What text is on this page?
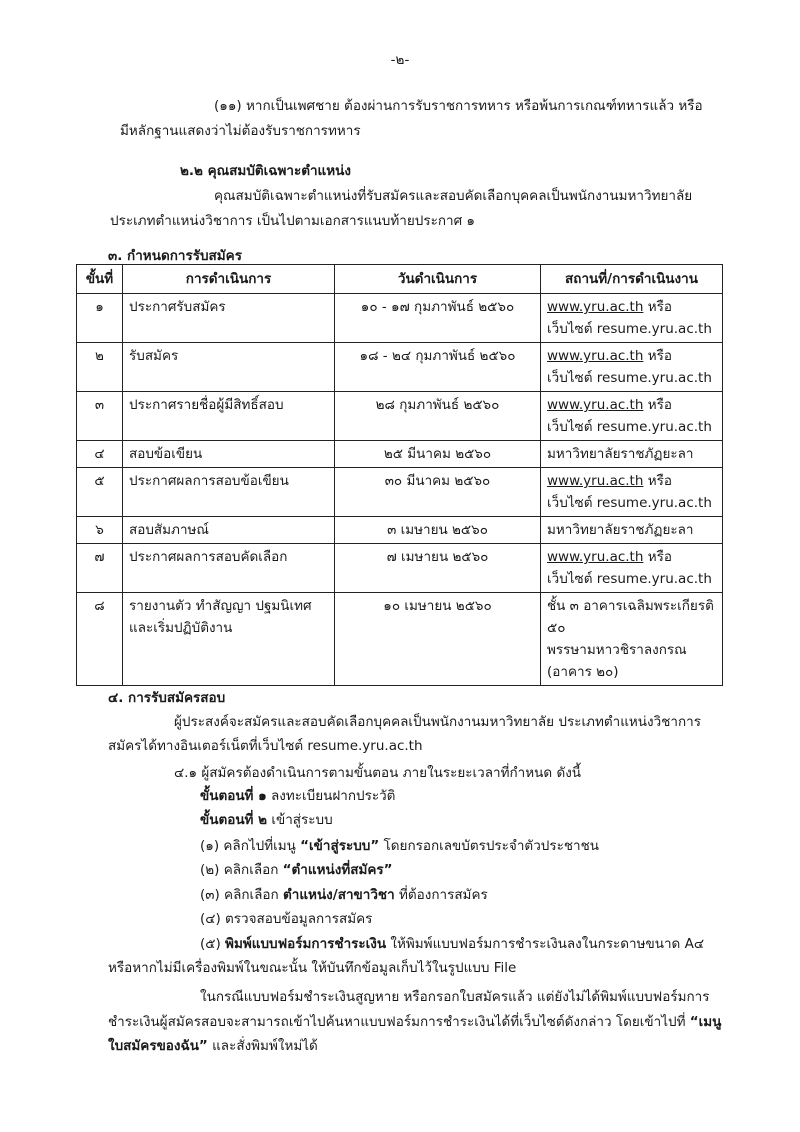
-๒-
(๑๑) หากเป็นเพศชาย ต้องผ่านการรับราชการทหาร หรือพ้นการเกณฑ์ทหารแล้ว หรือ
มีหลักฐานแสดงว่าไม่ต้องรับราชการทหาร
๒.๒ คุณสมบัติเฉพาะตำแหน่ง
คุณสมบัติเฉพาะตำแหน่งที่รับสมัครและสอบคัดเลือกบุคคลเป็นพนักงานมหาวิทยาลัย
ประเภทตำแหน่งวิชาการ เป็นไปตามเอกสารแนบท้ายประกาศ ๑
๓. กำหนดการรับสมัคร
ขั้นที่	การดำเนินการ	วันดำเนินการ	สถานที่/การดำเนินงาน
๑	ประกาศรับสมัคร	๑๐ - ๑๗ กุมภาพันธ์ ๒๕๖๐	www.yru.ac.th หรือ
เว็บไซต์ resume.yru.ac.th

๒	รับสมัคร	๑๘ - ๒๔ กุมภาพันธ์ ๒๕๖๐	www.yru.ac.th หรือ
เว็บไซต์ resume.yru.ac.th

๓	ประกาศรายชื่อผู้มีสิทธิ์สอบ	๒๘ กุมภาพันธ์ ๒๕๖๐	www.yru.ac.th หรือ
เว็บไซต์ resume.yru.ac.th

๔	สอบข้อเขียน	๒๕ มีนาคม ๒๕๖๐	มหาวิทยาลัยราชภัฏยะลา

๕	ประกาศผลการสอบข้อเขียน	๓๐ มีนาคม ๒๕๖๐	www.yru.ac.th หรือ
เว็บไซต์ resume.yru.ac.th

๖	สอบสัมภาษณ์	๓ เมษายน ๒๕๖๐	มหาวิทยาลัยราชภัฏยะลา

๗	ประกาศผลการสอบคัดเลือก	๗ เมษายน ๒๕๖๐	www.yru.ac.th หรือ
เว็บไซต์ resume.yru.ac.th

๘	รายงานตัว ทำสัญญา ปฐมนิเทศ
และเริ่มปฏิบัติงาน	๑๐ เมษายน ๒๕๖๐	ชั้น ๓ อาคารเฉลิมพระเกียรติ ๕๐
พรรษามหาวชิราลงกรณ
(อาคาร ๒๐)
๔. การรับสมัครสอบ
ผู้ประสงค์จะสมัครและสอบคัดเลือกบุคคลเป็นพนักงานมหาวิทยาลัย ประเภทตำแหน่งวิชาการ
สมัครได้ทางอินเตอร์เน็ตที่เว็บไซต์ resume.yru.ac.th
๔.๑ ผู้สมัครต้องดำเนินการตามขั้นตอน ภายในระยะเวลาที่กำหนด ดังนี้
ขั้นตอนที่ ๑ ลงทะเบียนฝากประวัติ
ขั้นตอนที่ ๒ เข้าสู่ระบบ
(๑) คลิกไปที่เมนู “เข้าสู่ระบบ” โดยกรอกเลขบัตรประจำตัวประชาชน
(๒) คลิกเลือก “ตำแหน่งที่สมัคร”
(๓) คลิกเลือก ตำแหน่ง/สาขาวิชา ที่ต้องการสมัคร
(๔) ตรวจสอบข้อมูลการสมัคร
(๕) พิมพ์แบบฟอร์มการชำระเงิน ให้พิมพ์แบบฟอร์มการชำระเงินลงในกระดาษขนาด A๔
หรือหากไม่มีเครื่องพิมพ์ในขณะนั้น ให้บันทึกข้อมูลเก็บไว้ในรูปแบบ File
ในกรณีแบบฟอร์มชำระเงินสูญหาย หรือกรอกใบสมัครแล้ว แต่ยังไม่ได้พิมพ์แบบฟอร์มการ
ชำระเงินผู้สมัครสอบจะสามารถเข้าไปค้นหาแบบฟอร์มการชำระเงินได้ที่เว็บไซต์ดังกล่าว โดยเข้าไปที่ “เมนู
ใบสมัครของฉัน” และสั่งพิมพ์ใหม่ได้
